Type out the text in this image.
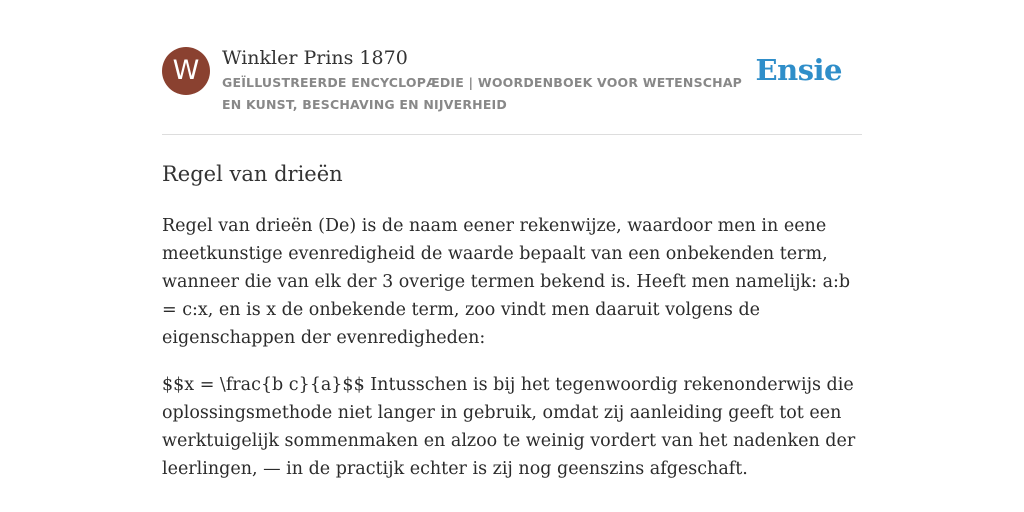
W	Winkler Prins 1870
GEÏLLUSTREERDE ENCYCLOPÆDIE | WOORDENBOEK VOOR WETENSCHAP EN KUNST, BESCHAVING EN NIJVERHEID
Ensie
Regel van drieën

Regel van drieën (De) is de naam eener rekenwijze, waardoor men in eene meetkunstige evenredigheid de waarde bepaalt van een onbekenden term, wanneer die van elk der 3 overige termen bekend is. Heeft men namelijk: a:b = c:x, en is x de onbekende term, zoo vindt men daaruit volgens de eigenschappen der evenredigheden:

$$x = \frac{b c}{a}$$ Intusschen is bij het tegenwoordig rekenonderwijs die oplossingsmethode niet langer in gebruik, omdat zij aanleiding geeft tot een werktuigelijk sommenmaken en alzoo te weinig vordert van het nadenken der leerlingen, — in de practijk echter is zij nog geenszins afgeschaft.
